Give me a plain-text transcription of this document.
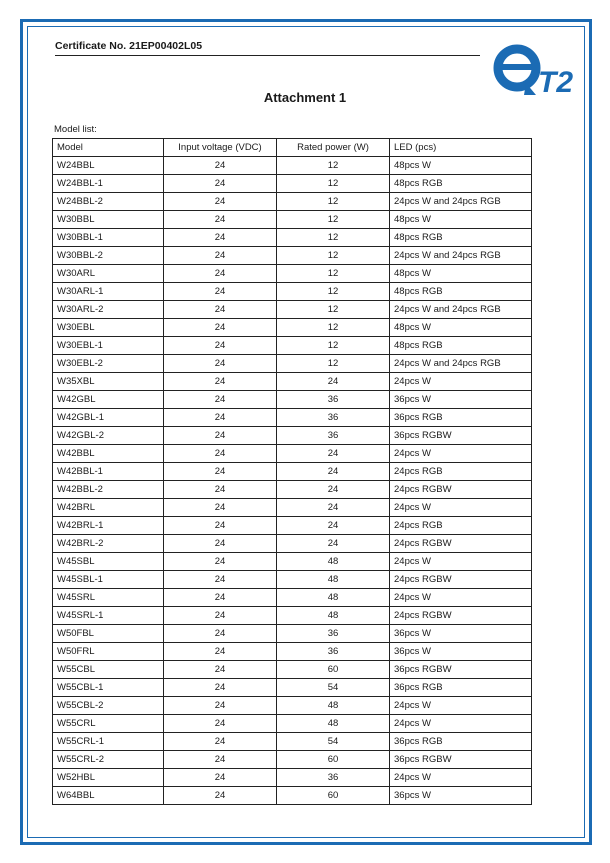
Certificate No. 21EP00402L05
T2
Attachment 1
Model list:
Model	Input voltage (VDC)	Rated power (W)	LED (pcs)
W24BBL	24	12	48pcs W
W24BBL-1	24	12	48pcs RGB
W24BBL-2	24	12	24pcs W and 24pcs RGB
W30BBL	24	12	48pcs W
W30BBL-1	24	12	48pcs RGB
W30BBL-2	24	12	24pcs W and 24pcs RGB
W30ARL	24	12	48pcs W
W30ARL-1	24	12	48pcs RGB
W30ARL-2	24	12	24pcs W and 24pcs RGB
W30EBL	24	12	48pcs W
W30EBL-1	24	12	48pcs RGB
W30EBL-2	24	12	24pcs W and 24pcs RGB
W35XBL	24	24	24pcs W
W42GBL	24	36	36pcs W
W42GBL-1	24	36	36pcs RGB
W42GBL-2	24	36	36pcs RGBW
W42BBL	24	24	24pcs W
W42BBL-1	24	24	24pcs RGB
W42BBL-2	24	24	24pcs RGBW
W42BRL	24	24	24pcs W
W42BRL-1	24	24	24pcs RGB
W42BRL-2	24	24	24pcs RGBW
W45SBL	24	48	24pcs W
W45SBL-1	24	48	24pcs RGBW
W45SRL	24	48	24pcs W
W45SRL-1	24	48	24pcs RGBW
W50FBL	24	36	36pcs W
W50FRL	24	36	36pcs W
W55CBL	24	60	36pcs RGBW
W55CBL-1	24	54	36pcs RGB
W55CBL-2	24	48	24pcs W
W55CRL	24	48	24pcs W
W55CRL-1	24	54	36pcs RGB
W55CRL-2	24	60	36pcs RGBW
W52HBL	24	36	24pcs W
W64BBL	24	60	36pcs W
